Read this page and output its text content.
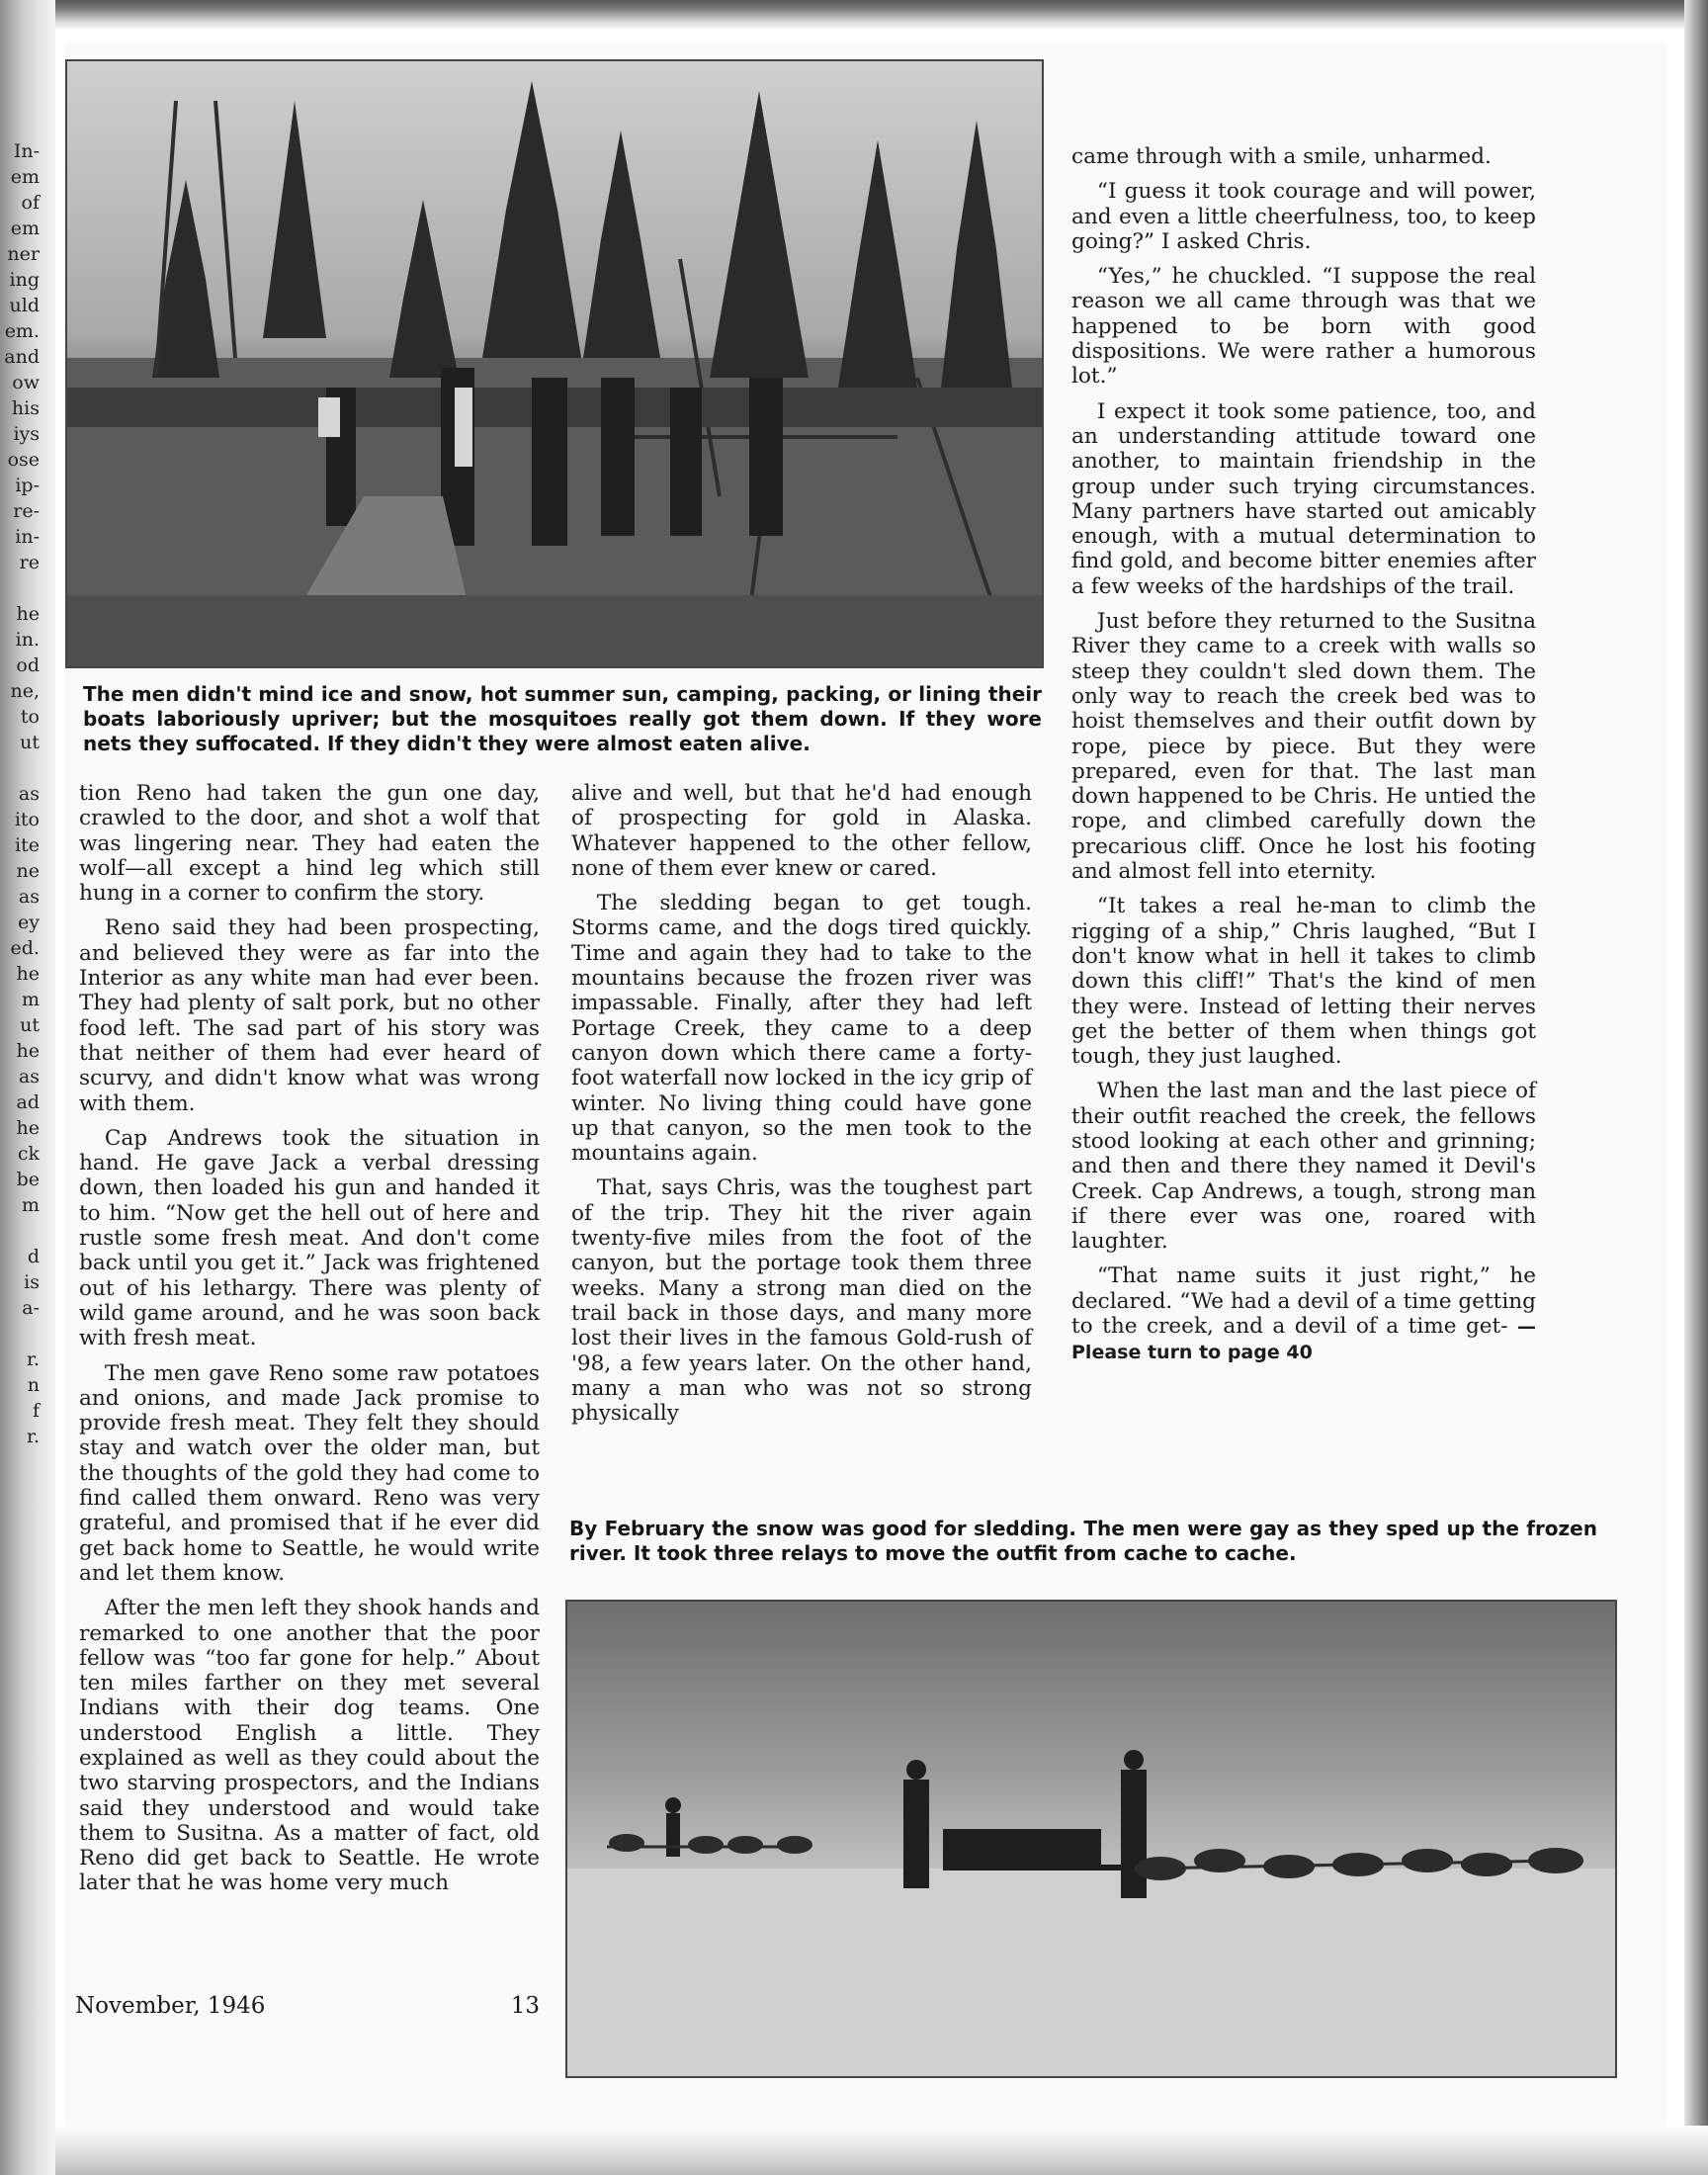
In-
em
of
em
ner
ing
uld
em.
and
ow
his
iys
ose
ip-
re-
in-
re

he
in.
od
ne,
to
ut

as
ito
ite
ne
as
ey
ed.
he
m
ut
he
as
ad
he
ck
be
m

d
is
a-

r.
n
f
r.
The men didn't mind ice and snow, hot summer sun, camping, packing, or lining their boats laboriously upriver; but the mosquitoes really got them down. If they wore nets they suffocated. If they didn't they were almost eaten alive.

tion Reno had taken the gun one day, crawled to the door, and shot a wolf that was lingering near. They had eaten the wolf—all except a hind leg which still hung in a corner to confirm the story.

Reno said they had been prospecting, and believed they were as far into the Interior as any white man had ever been. They had plenty of salt pork, but no other food left. The sad part of his story was that neither of them had ever heard of scurvy, and didn't know what was wrong with them.

Cap Andrews took the situation in hand. He gave Jack a verbal dressing down, then loaded his gun and handed it to him. “Now get the hell out of here and rustle some fresh meat. And don't come back until you get it.” Jack was frightened out of his lethargy. There was plenty of wild game around, and he was soon back with fresh meat.

The men gave Reno some raw potatoes and onions, and made Jack promise to provide fresh meat. They felt they should stay and watch over the older man, but the thoughts of the gold they had come to find called them onward. Reno was very grateful, and promised that if he ever did get back home to Seattle, he would write and let them know.

After the men left they shook hands and remarked to one another that the poor fellow was “too far gone for help.” About ten miles farther on they met several Indians with their dog teams. One understood English a little. They explained as well as they could about the two starving prospectors, and the Indians said they understood and would take them to Susitna. As a matter of fact, old Reno did get back to Seattle. He wrote later that he was home very much

alive and well, but that he'd had enough of prospecting for gold in Alaska. Whatever happened to the other fellow, none of them ever knew or cared.

The sledding began to get tough. Storms came, and the dogs tired quickly. Time and again they had to take to the mountains because the frozen river was impassable. Finally, after they had left Portage Creek, they came to a deep canyon down which there came a forty-foot waterfall now locked in the icy grip of winter. No living thing could have gone up that canyon, so the men took to the mountains again.

That, says Chris, was the toughest part of the trip. They hit the river again twenty-five miles from the foot of the canyon, but the portage took them three weeks. Many a strong man died on the trail back in those days, and many more lost their lives in the famous Gold-rush of '98, a few years later. On the other hand, many a man who was not so strong physically

came through with a smile, unharmed.

“I guess it took courage and will power, and even a little cheerfulness, too, to keep going?” I asked Chris.

“Yes,” he chuckled. “I suppose the real reason we all came through was that we happened to be born with good dispositions. We were rather a humorous lot.”

I expect it took some patience, too, and an understanding attitude toward one another, to maintain friendship in the group under such trying circumstances. Many partners have started out amicably enough, with a mutual determination to find gold, and become bitter enemies after a few weeks of the hardships of the trail.

Just before they returned to the Susitna River they came to a creek with walls so steep they couldn't sled down them. The only way to reach the creek bed was to hoist themselves and their outfit down by rope, piece by piece. But they were prepared, even for that. The last man down happened to be Chris. He untied the rope, and climbed carefully down the precarious cliff. Once he lost his footing and almost fell into eternity.

“It takes a real he-man to climb the rigging of a ship,” Chris laughed, “But I don't know what in hell it takes to climb down this cliff!” That's the kind of men they were. Instead of letting their nerves get the better of them when things got tough, they just laughed.

When the last man and the last piece of their outfit reached the creek, the fellows stood looking at each other and grinning; and then and there they named it Devil's Creek. Cap Andrews, a tough, strong man if there ever was one, roared with laughter.

“That name suits it just right,” he declared. “We had a devil of a time getting to the creek, and a devil of a time get- —Please turn to page 40

By February the snow was good for sledding. The men were gay as they sped up the frozen river. It took three relays to move the outfit from cache to cache.
November, 1946	13
